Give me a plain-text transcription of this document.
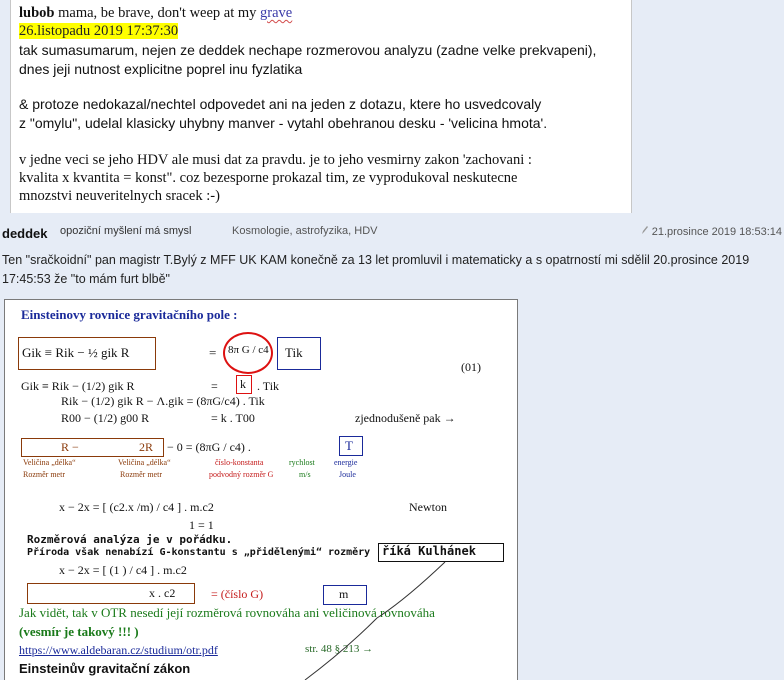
lubob mama, be brave, don't weep at my grave
26.listopadu 2019 17:37:30
tak sumasumarum, nejen ze deddek nechape rozmerovou analyzu (zadne velke prekvapeni),
dnes jeji nutnost explicitne poprel inu fyzlatika
& protoze nedokazal/nechtel odpovedet ani na jeden z dotazu, ktere ho usvedcovaly
z "omylu", udelal klasicky uhybny manver - vytahl obehranou desku - 'velicina hmota'.
v jedne veci se jeho HDV ale musi dat za pravdu. je to jeho vesmirny zakon 'zachovani :
kvalita x kvantita = konst". coz bezesporne prokazal tim, ze vyprodukoval neskutecne
mnozstvi neuveritelnych sracek :-)
deddek opoziční myšlení má smysl	Kosmologie, astrofyzika, HDV	21.prosince 2019 18:53:14
Ten "sračkoidní" pan magistr T.Bylý z MFF UK KAM konečně za 13 let promluvil i matematicky a s opatrností mi sdělil 20.prosince 2019 17:45:53 že "to mám furt blbě"
Einsteinovy rovnice gravitačního pole :
Gik ≡ Rik − ½ gik R	= 8π G / c4 Tik
(01)
Gik ≡ Rik − (1/2) gik R	= k . Tik
Rik − (1/2) gik R − Λ.gik = (8πG/c4) . Tik
R00 − (1/2) g00 R	= k . T00	zjednodušeně pak →
R −	2R − 0 = (8πG / c4) .	T
Veličina „délka“	Veličina „délka“	číslo-konstanta	rychlost energie
Rozměr metr	Rozměr metr	podvodný rozměr G	m/s	Joule
x − 2x = [ (c2.x /m) / c4 ] . m.c2	Newton
1 = 1
Rozměrová analýza je v pořádku.
Příroda však nenabízí G-konstantu s „přidělenými“ rozměry říká Kulhánek
x − 2x = [ (1 ) / c4 ] . m.c2
x . c2	= (číslo G)	m
Jak vidět, tak v OTR nesedí její rozměrová rovnováha ani veličinová rovnováha
(vesmír je takový !!! )
https://www.aldebaran.cz/studium/otr.pdf	str. 48 § 213 →
Einsteinův gravitační zákon
